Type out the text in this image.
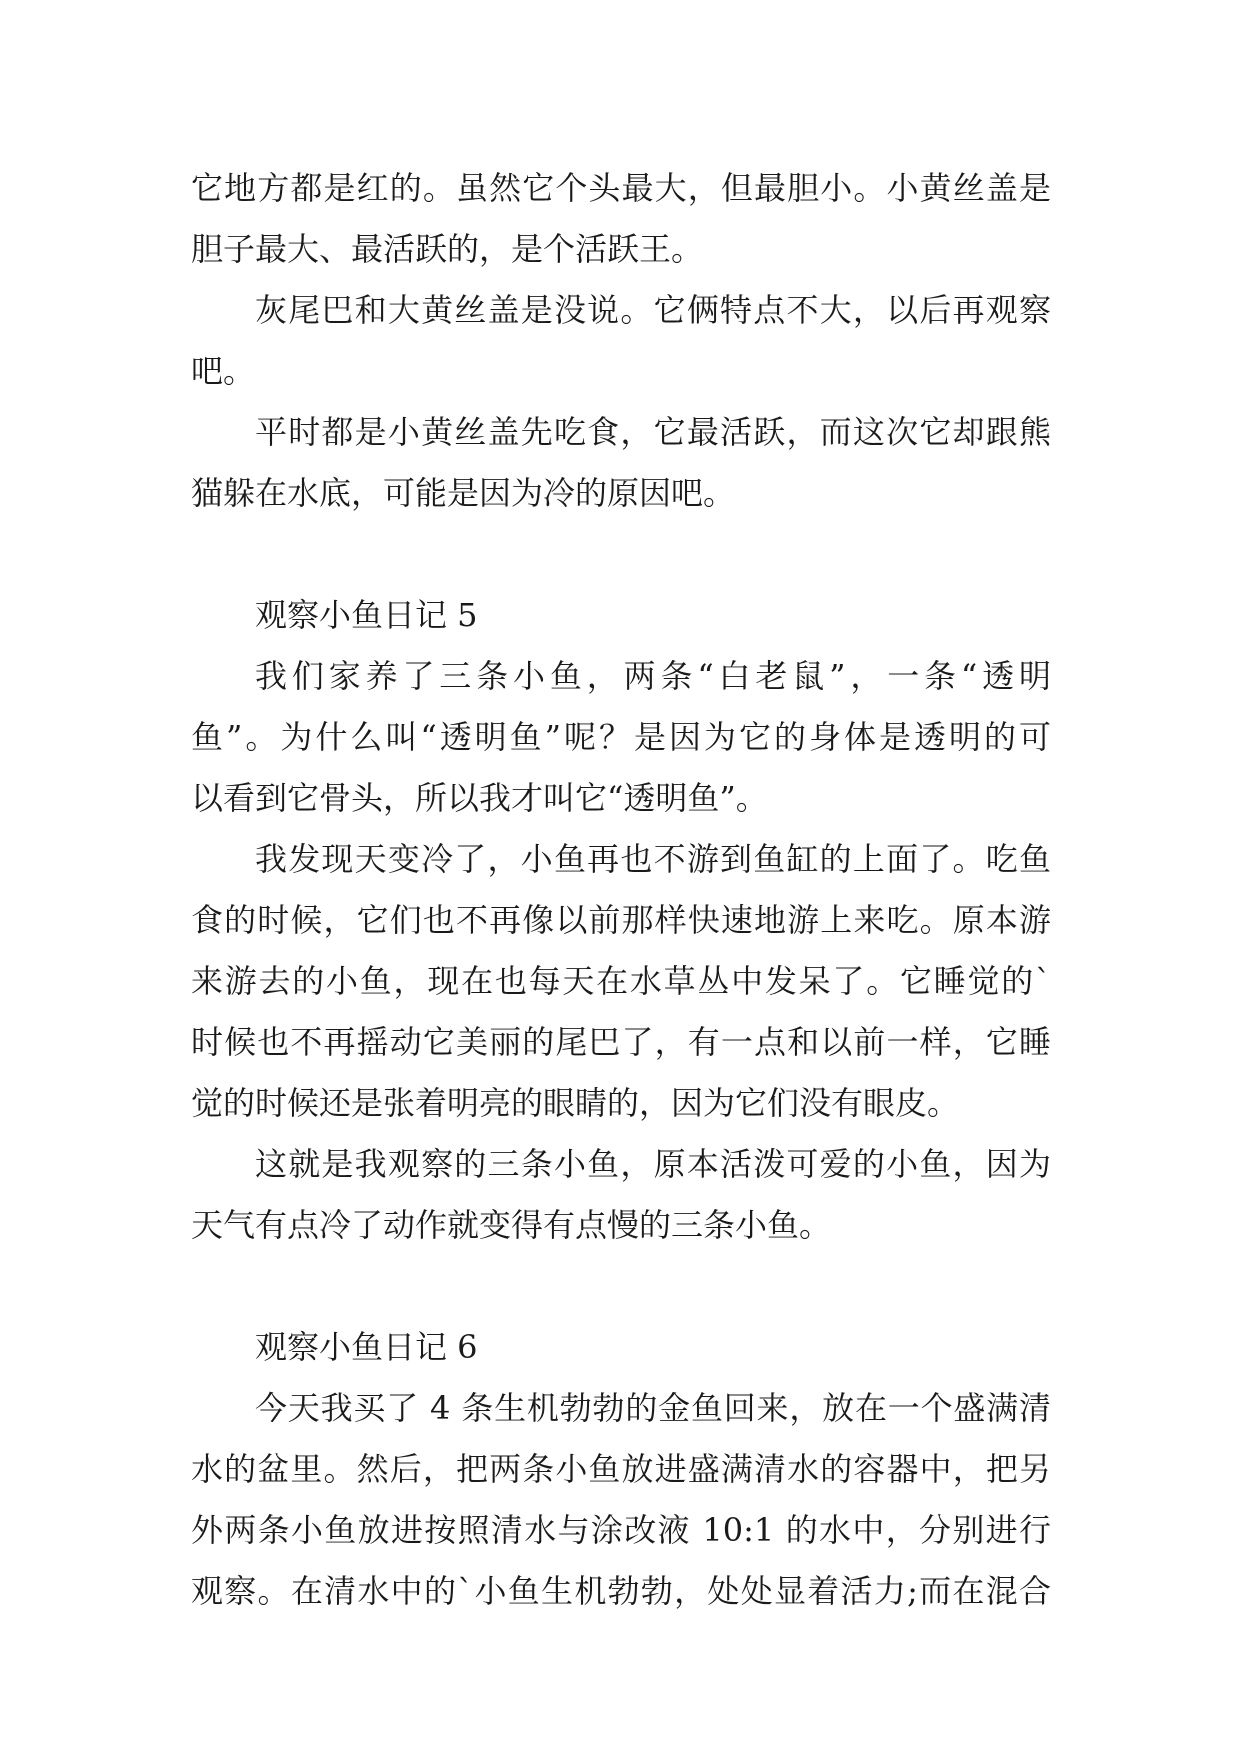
它地方都是红的。虽然它个头最大，但最胆小。小黄丝盖是
胆子最大、最活跃的，是个活跃王。
灰尾巴和大黄丝盖是没说。它俩特点不大，以后再观察
吧。
平时都是小黄丝盖先吃食，它最活跃，而这次它却跟熊
猫躲在水底，可能是因为冷的原因吧。
观察小鱼日记 5
我们家养了三条小鱼，两条“白老鼠”，一条“透明
鱼”。为什么叫“透明鱼”呢？是因为它的身体是透明的可
以看到它骨头，所以我才叫它“透明鱼”。
我发现天变冷了，小鱼再也不游到鱼缸的上面了。吃鱼
食的时候，它们也不再像以前那样快速地游上来吃。原本游
来游去的小鱼，现在也每天在水草丛中发呆了。它睡觉的`
时候也不再摇动它美丽的尾巴了，有一点和以前一样，它睡
觉的时候还是张着明亮的眼睛的，因为它们没有眼皮。
这就是我观察的三条小鱼，原本活泼可爱的小鱼，因为
天气有点冷了动作就变得有点慢的三条小鱼。
观察小鱼日记 6
今天我买了 4 条生机勃勃的金鱼回来，放在一个盛满清
水的盆里。然后，把两条小鱼放进盛满清水的容器中，把另
外两条小鱼放进按照清水与涂改液 10:1 的水中，分别进行
观察。在清水中的`小鱼生机勃勃，处处显着活力;而在混合
